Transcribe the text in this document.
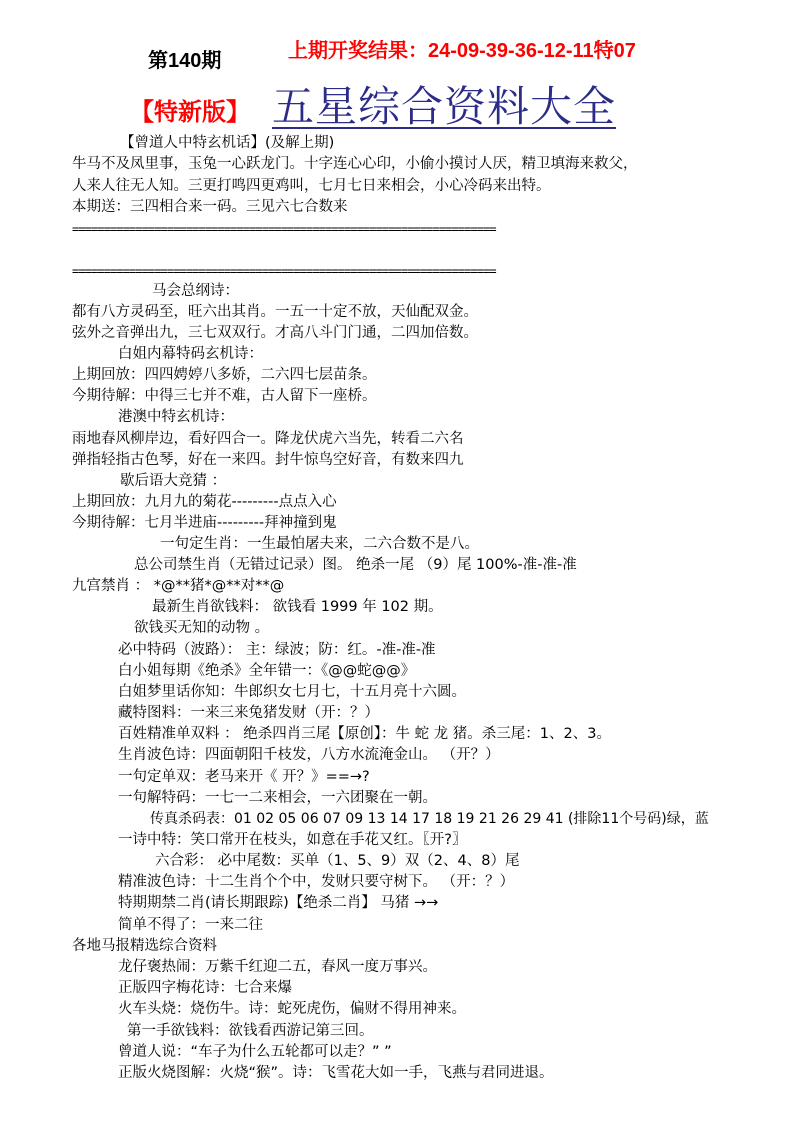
第140期	上期开奖结果：24-09-39-36-12-11特07
【特新版】 五星综合资料大全
【曾道人中特玄机话】(及解上期)
牛马不及凤里事，玉兔一心跃龙门。十字连心心印，小偷小摸讨人厌，精卫填海来救父，
人来人往无人知。三更打鸣四更鸡叫，七月七日来相会，小心冷码来出特。
本期送：三四相合来一码。三见六七合数来
===================================================================
===================================================================
马会总纲诗：
都有八方灵码至，旺六出其肖。一五一十定不放，天仙配双金。
弦外之音弹出九，三七双双行。才高八斗门门通，二四加倍数。
白姐内幕特码玄机诗：
上期回放：四四娉婷八多娇，二六四七层苗条。
今期待解：中得三七并不难，古人留下一座桥。
港澳中特玄机诗：
雨地春风柳岸边，看好四合一。降龙伏虎六当先，转看二六名
弹指轻指古色琴，好在一来四。封牛惊鸟空好音，有数来四九
歇后语大竞猜 ：
上期回放：九月九的菊花---------点点入心
今期待解：七月半进庙---------拜神撞到鬼
一句定生肖：一生最怕屠夫来，二六合数不是八。
总公司禁生肖（无错过记录）图。 绝杀一尾 （9）尾 100%-准-准-准
九宫禁肖 ： *@**猪*@**对**@
最新生肖欲钱料： 欲钱看 1999 年 102 期。
欲钱买无知的动物 。
必中特码（波路）： 主：绿波；防：红。-准-准-准
白小姐每期《绝杀》全年错一：《@@蛇@@》
白姐梦里话你知：牛郎织女七月七，十五月亮十六圆。
藏特图料：一来三来兔猪发财（开：？）
百姓精准单双料 ： 绝杀四肖三尾【原创】：牛 蛇 龙 猪。杀三尾：1、2、3。
生肖波色诗：四面朝阳千枝发，八方水流淹金山。 （开？）
一句定单双：老马来开《 开？》==→?
一句解特码：一七一二来相会，一六团聚在一朝。
传真杀码表：01 02 05 06 07 09 13 14 17 18 19 21 26 29 41 (排除11个号码)绿，蓝
一诗中特：笑口常开在枝头，如意在手花又红。〖开?〗
六合彩： 必中尾数：买单（1、5、9）双（2、4、8）尾
精准波色诗：十二生肖个个中，发财只要守树下。 （开：？）
特期期禁二肖(请长期跟踪)【绝杀二肖】 马猪 →→
简单不得了：一来二往
各地马报精选综合资料
龙仔褒热闹：万紫千红迎二五，春风一度万事兴。
正版四字梅花诗：七合来爆
火车头烧：烧伤牛。诗：蛇死虎伤，偏财不得用神来。
第一手欲钱料：欲钱看西游记第三回。
曾道人说：“车子为什么五轮都可以走？” ”
正版火烧图解：火烧“猴”。诗：飞雪花大如一手，飞燕与君同进退。
